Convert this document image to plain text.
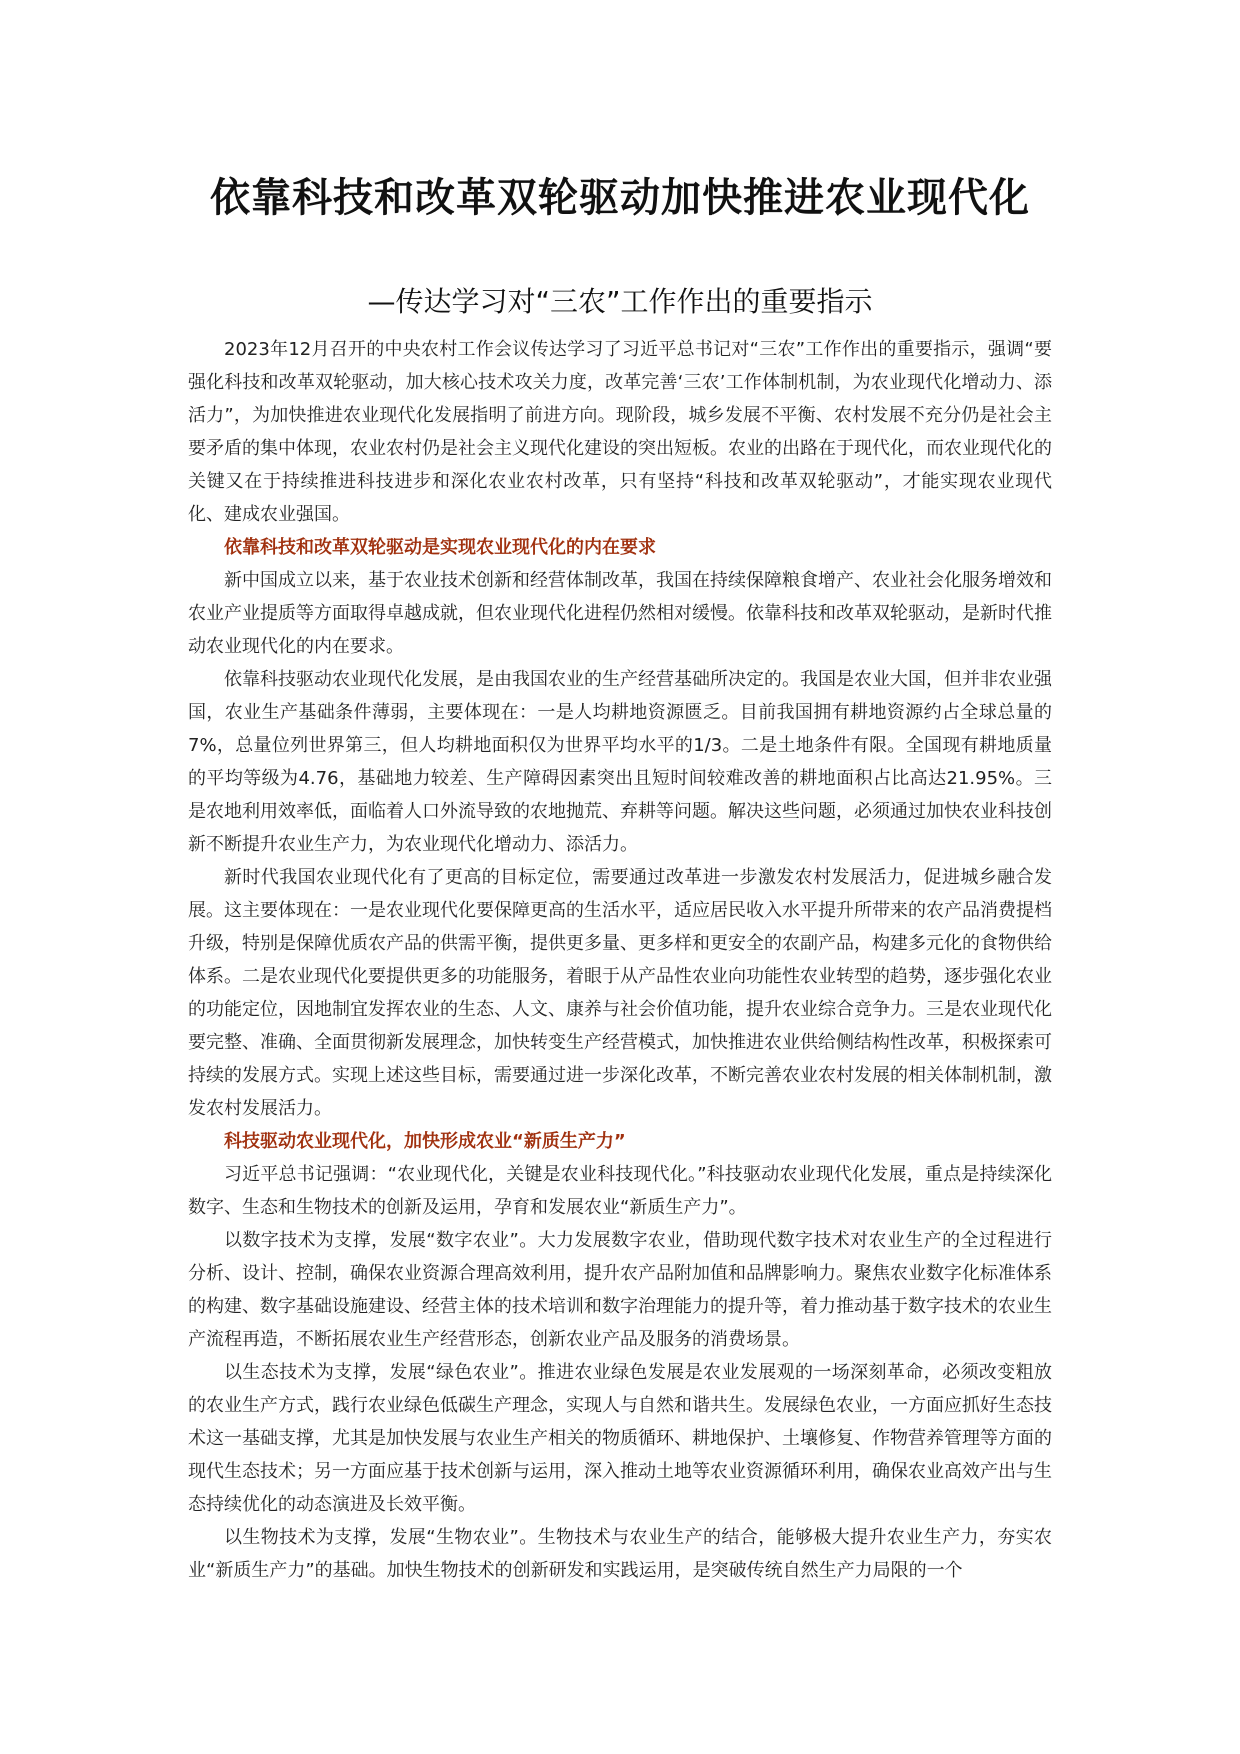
依靠科技和改革双轮驱动加快推进农业现代化
—传达学习对“三农”工作作出的重要指示

2023年12月召开的中央农村工作会议传达学习了习近平总书记对“三农”工作作出的重要指示，强调“要强化科技和改革双轮驱动，加大核心技术攻关力度，改革完善‘三农’工作体制机制，为农业现代化增动力、添活力”，为加快推进农业现代化发展指明了前进方向。现阶段，城乡发展不平衡、农村发展不充分仍是社会主要矛盾的集中体现，农业农村仍是社会主义现代化建设的突出短板。农业的出路在于现代化，而农业现代化的关键又在于持续推进科技进步和深化农业农村改革，只有坚持“科技和改革双轮驱动”，才能实现农业现代化、建成农业强国。

依靠科技和改革双轮驱动是实现农业现代化的内在要求

新中国成立以来，基于农业技术创新和经营体制改革，我国在持续保障粮食增产、农业社会化服务增效和农业产业提质等方面取得卓越成就，但农业现代化进程仍然相对缓慢。依靠科技和改革双轮驱动，是新时代推动农业现代化的内在要求。

依靠科技驱动农业现代化发展，是由我国农业的生产经营基础所决定的。我国是农业大国，但并非农业强国，农业生产基础条件薄弱，主要体现在：一是人均耕地资源匮乏。目前我国拥有耕地资源约占全球总量的7%，总量位列世界第三，但人均耕地面积仅为世界平均水平的1/3。二是土地条件有限。全国现有耕地质量的平均等级为4.76，基础地力较差、生产障碍因素突出且短时间较难改善的耕地面积占比高达21.95%。三是农地利用效率低，面临着人口外流导致的农地抛荒、弃耕等问题。解决这些问题，必须通过加快农业科技创新不断提升农业生产力，为农业现代化增动力、添活力。

新时代我国农业现代化有了更高的目标定位，需要通过改革进一步激发农村发展活力，促进城乡融合发展。这主要体现在：一是农业现代化要保障更高的生活水平，适应居民收入水平提升所带来的农产品消费提档升级，特别是保障优质农产品的供需平衡，提供更多量、更多样和更安全的农副产品，构建多元化的食物供给体系。二是农业现代化要提供更多的功能服务，着眼于从产品性农业向功能性农业转型的趋势，逐步强化农业的功能定位，因地制宜发挥农业的生态、人文、康养与社会价值功能，提升农业综合竞争力。三是农业现代化要完整、准确、全面贯彻新发展理念，加快转变生产经营模式，加快推进农业供给侧结构性改革，积极探索可持续的发展方式。实现上述这些目标，需要通过进一步深化改革，不断完善农业农村发展的相关体制机制，激发农村发展活力。

科技驱动农业现代化，加快形成农业“新质生产力”

习近平总书记强调：“农业现代化，关键是农业科技现代化。”科技驱动农业现代化发展，重点是持续深化数字、生态和生物技术的创新及运用，孕育和发展农业“新质生产力”。

以数字技术为支撑，发展“数字农业”。大力发展数字农业，借助现代数字技术对农业生产的全过程进行分析、设计、控制，确保农业资源合理高效利用，提升农产品附加值和品牌影响力。聚焦农业数字化标准体系的构建、数字基础设施建设、经营主体的技术培训和数字治理能力的提升等，着力推动基于数字技术的农业生产流程再造，不断拓展农业生产经营形态，创新农业产品及服务的消费场景。

以生态技术为支撑，发展“绿色农业”。推进农业绿色发展是农业发展观的一场深刻革命，必须改变粗放的农业生产方式，践行农业绿色低碳生产理念，实现人与自然和谐共生。发展绿色农业，一方面应抓好生态技术这一基础支撑，尤其是加快发展与农业生产相关的物质循环、耕地保护、土壤修复、作物营养管理等方面的现代生态技术；另一方面应基于技术创新与运用，深入推动土地等农业资源循环利用，确保农业高效产出与生态持续优化的动态演进及长效平衡。

以生物技术为支撑，发展“生物农业”。生物技术与农业生产的结合，能够极大提升农业生产力，夯实农业“新质生产力”的基础。加快生物技术的创新研发和实践运用，是突破传统自然生产力局限的一个
